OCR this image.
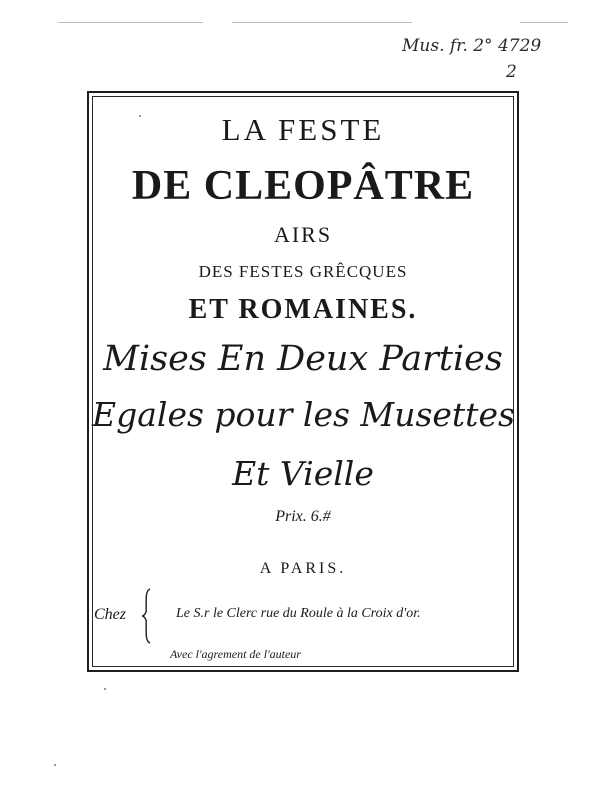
Mus. fr. 2° 4729
2
LA FESTE
DE CLEOPÂTRE
AIRS
DES FESTES GRÊCQUES
ET ROMAINES.
Mises En Deux Parties
Egales pour les Musettes
Et Vielle
Prix. 6.#
A PARIS.
Chez	Le S.r le Clerc rue du Roule à la Croix d'or.
Avec l'agrement de l'auteur
